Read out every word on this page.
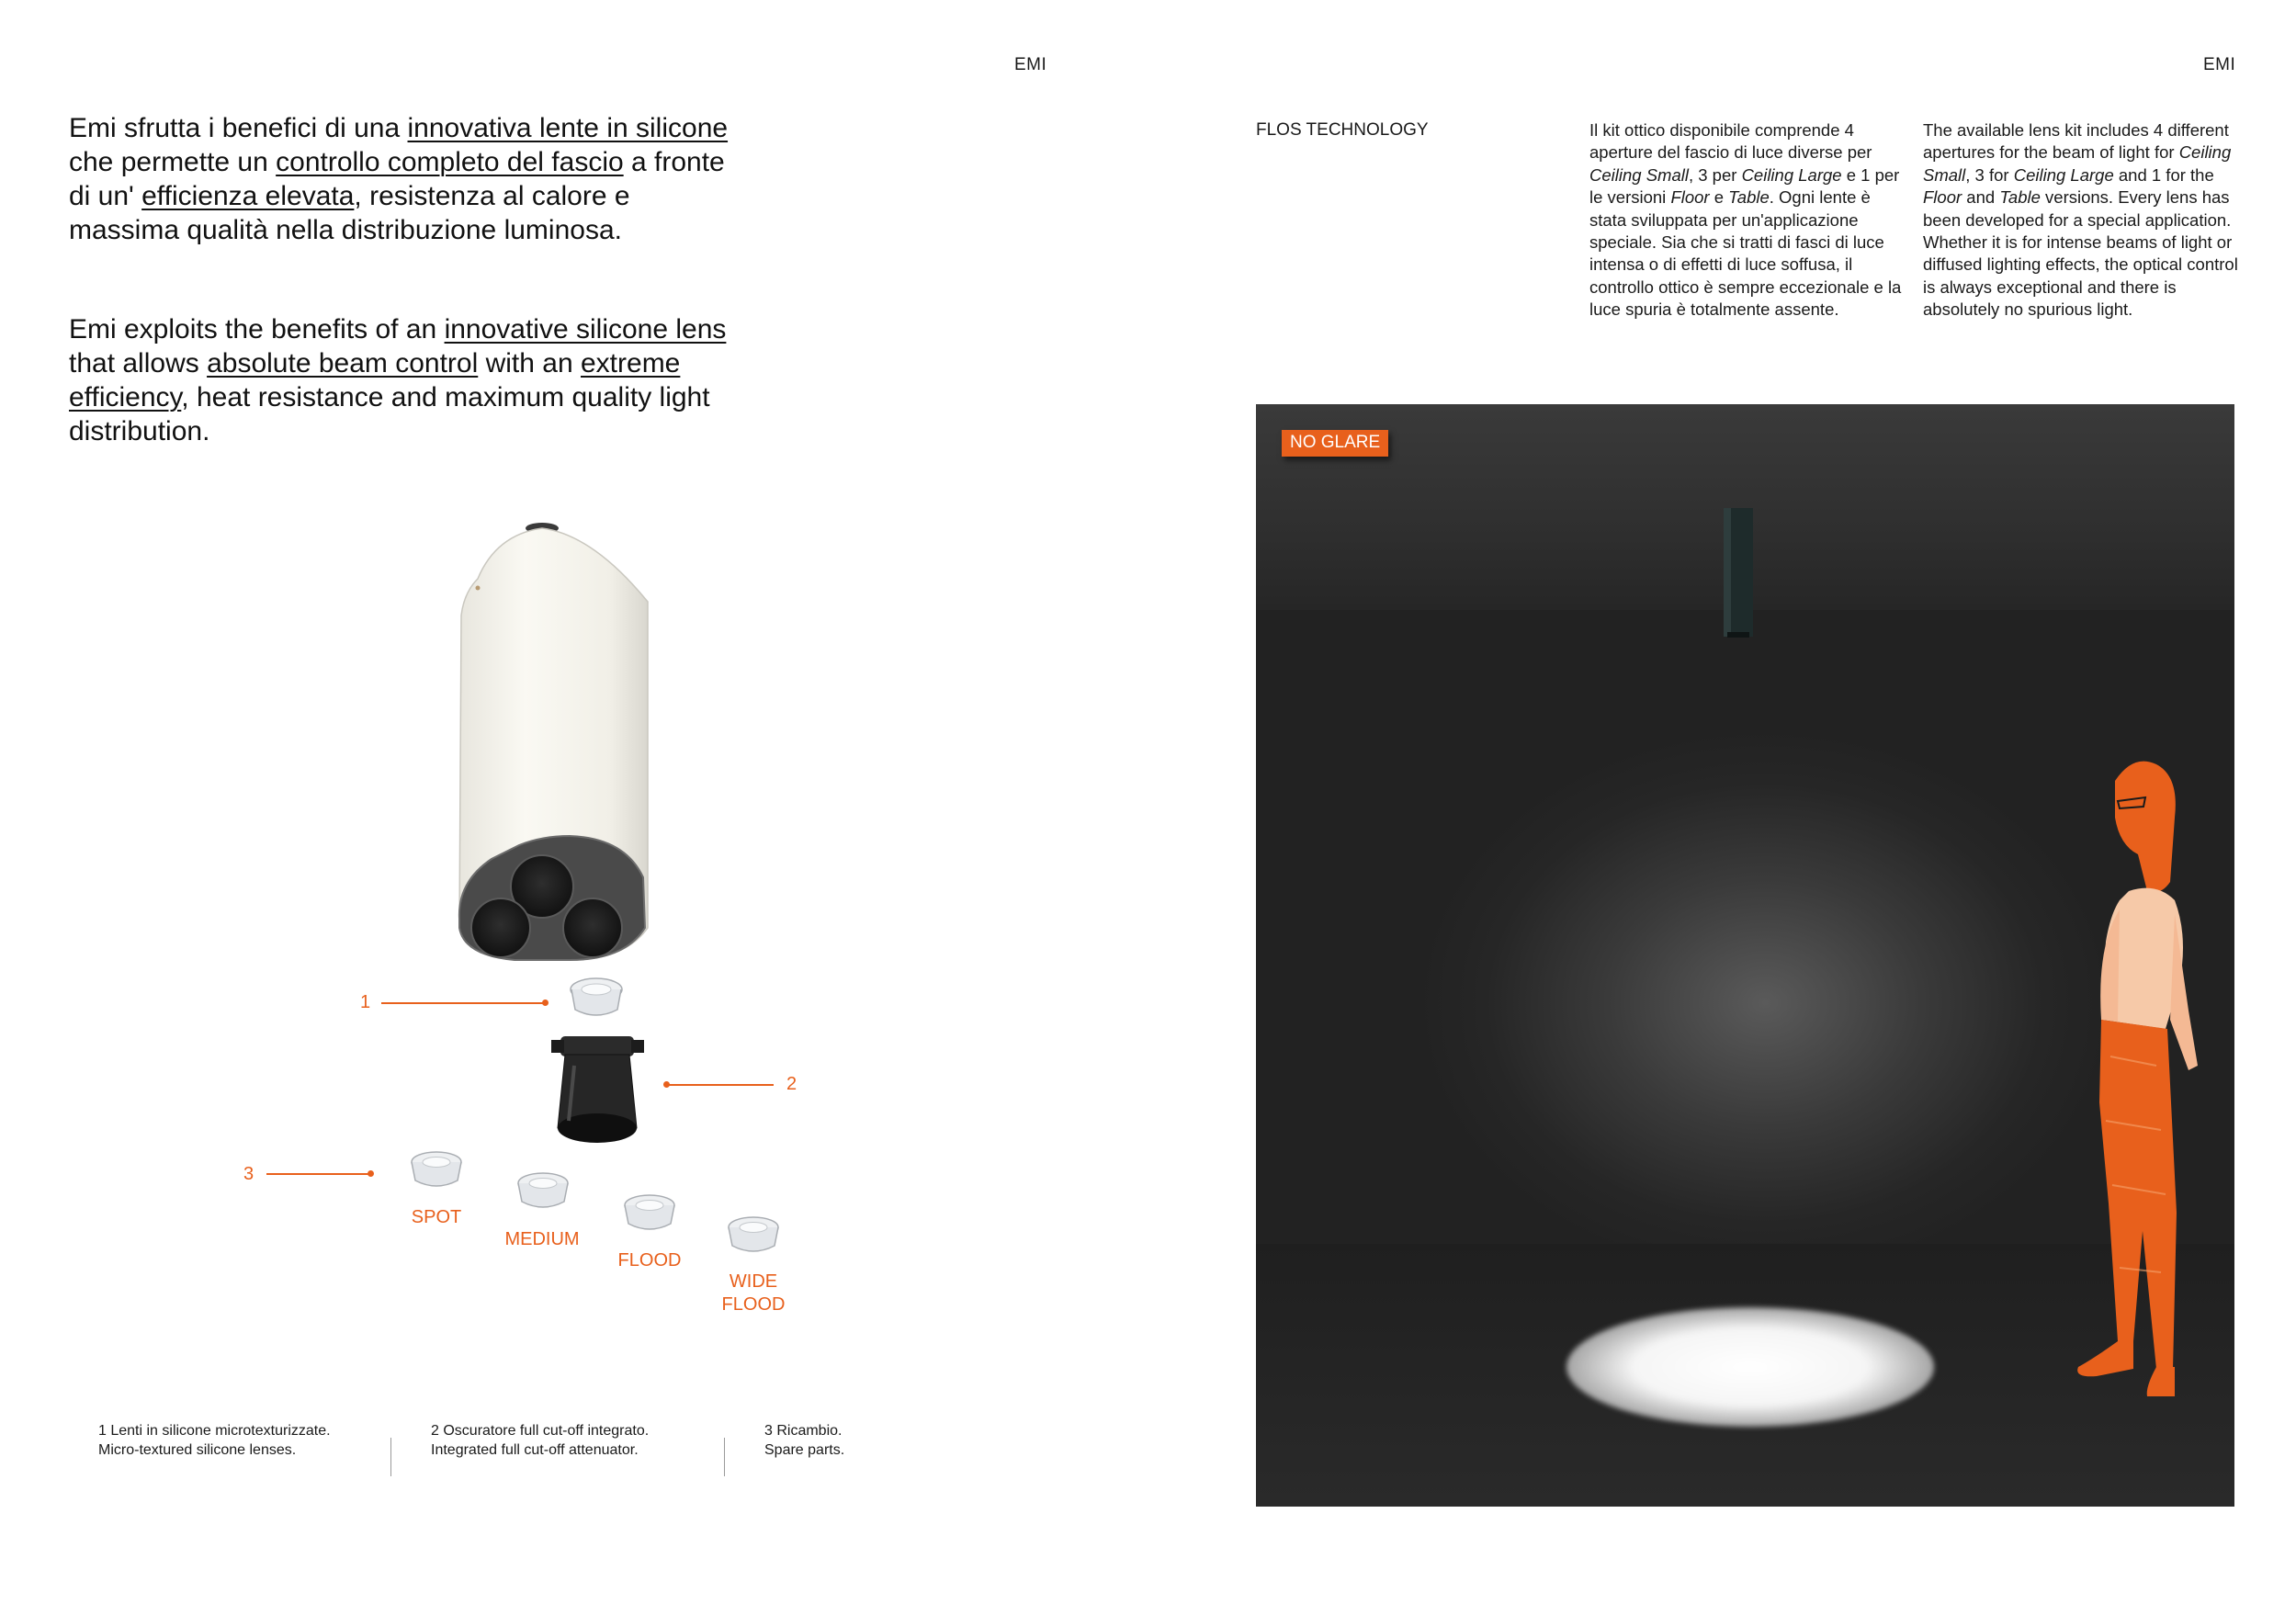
EMI	EMI
Emi sfrutta i benefici di una innovativa lente in silicone che permette un controllo completo del fascio a fronte di un' efficienza elevata, resistenza al calore e massima qualità nella distribuzione luminosa.
Emi exploits the benefits of an innovative silicone lens that allows absolute beam control with an extreme efficiency, heat resistance and maximum quality light distribution.
1
2
3
SPOT
MEDIUM
FLOOD
WIDE
FLOOD
1 Lenti in silicone microtexturizzate.
Micro-textured silicone lenses.
2 Oscuratore full cut-off integrato.
Integrated full cut-off attenuator.
3 Ricambio.
Spare parts.
FLOS TECHNOLOGY	Il kit ottico disponibile comprende 4 aperture del fascio di luce diverse per Ceiling Small, 3 per Ceiling Large e 1 per le versioni Floor e Table. Ogni lente è stata sviluppata per un'applicazione speciale. Sia che si tratti di fasci di luce intensa o di effetti di luce soffusa, il controllo ottico è sempre eccezionale e la luce spuria è totalmente assente.
The available lens kit includes 4 different apertures for the beam of light for Ceiling Small, 3 for Ceiling Large and 1 for the Floor and Table versions. Every lens has been developed for a special application. Whether it is for intense beams of light or diffused lighting effects, the optical control is always exceptional and there is absolutely no spurious light.
NO GLARE
